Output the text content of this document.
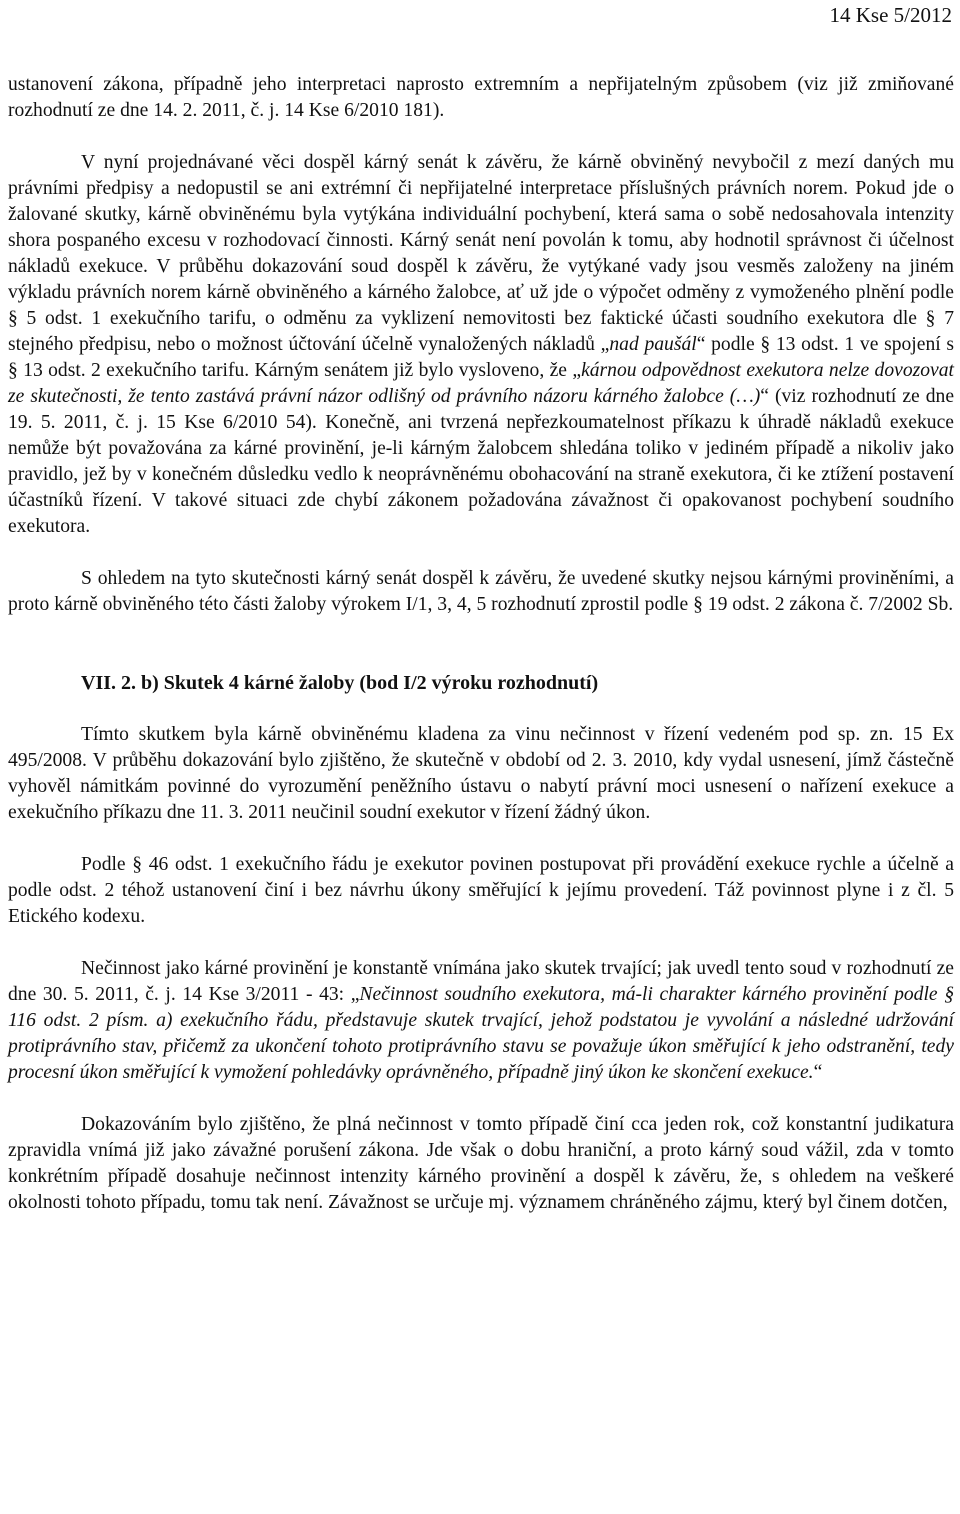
14 Kse 5/2012

ustanovení zákona, případně jeho interpretaci naprosto extremním a nepřijatelným způsobem (viz již zmiňované rozhodnutí ze dne 14. 2. 2011, č. j. 14 Kse 6/2010 181).

V nyní projednávané věci dospěl kárný senát k závěru, že kárně obviněný nevybočil z mezí daných mu právními předpisy a nedopustil se ani extrémní či nepřijatelné interpretace příslušných právních norem. Pokud jde o žalované skutky, kárně obviněnému byla vytýkána individuální pochybení, která sama o sobě nedosahovala intenzity shora pospaného excesu v rozhodovací činnosti. Kárný senát není povolán k tomu, aby hodnotil správnost či účelnost nákladů exekuce. V průběhu dokazování soud dospěl k závěru, že vytýkané vady jsou vesměs založeny na jiném výkladu právních norem kárně obviněného a kárného žalobce, ať už jde o výpočet odměny z vymoženého plnění podle § 5 odst. 1 exekučního tarifu, o odměnu za vyklizení nemovitosti bez faktické účasti soudního exekutora dle § 7 stejného předpisu, nebo o možnost účtování účelně vynaložených nákladů „nad paušál“ podle § 13 odst. 1 ve spojení s § 13 odst. 2 exekučního tarifu. Kárným senátem již bylo vysloveno, že „kárnou odpovědnost exekutora nelze dovozovat ze skutečnosti, že tento zastává právní názor odlišný od právního názoru kárného žalobce (…)“ (viz rozhodnutí ze dne 19. 5. 2011, č. j. 15 Kse 6/2010 54). Konečně, ani tvrzená nepřezkoumatelnost příkazu k úhradě nákladů exekuce nemůže být považována za kárné provinění, je-li kárným žalobcem shledána toliko v jediném případě a nikoliv jako pravidlo, jež by v konečném důsledku vedlo k neoprávněnému obohacování na straně exekutora, či ke ztížení postavení účastníků řízení. V takové situaci zde chybí zákonem požadována závažnost či opakovanost pochybení soudního exekutora.

S ohledem na tyto skutečnosti kárný senát dospěl k závěru, že uvedené skutky nejsou kárnými proviněními, a proto kárně obviněného této části žaloby výrokem I/1, 3, 4, 5 rozhodnutí zprostil podle § 19 odst. 2 zákona č. 7/2002 Sb.

VII. 2. b) Skutek 4 kárné žaloby (bod I/2 výroku rozhodnutí)

Tímto skutkem byla kárně obviněnému kladena za vinu nečinnost v řízení vedeném pod sp. zn. 15 Ex 495/2008. V průběhu dokazování bylo zjištěno, že skutečně v období od 2. 3. 2010, kdy vydal usnesení, jímž částečně vyhověl námitkám povinné do vyrozumění peněžního ústavu o nabytí právní moci usnesení o nařízení exekuce a exekučního příkazu dne 11. 3. 2011 neučinil soudní exekutor v řízení žádný úkon.

Podle § 46 odst. 1 exekučního řádu je exekutor povinen postupovat při provádění exekuce rychle a účelně a podle odst. 2 téhož ustanovení činí i bez návrhu úkony směřující k jejímu provedení. Táž povinnost plyne i z čl. 5 Etického kodexu.

Nečinnost jako kárné provinění je konstantě vnímána jako skutek trvající; jak uvedl tento soud v rozhodnutí ze dne 30. 5. 2011, č. j. 14 Kse 3/2011 - 43: „Nečinnost soudního exekutora, má-li charakter kárného provinění podle § 116 odst. 2 písm. a) exekučního řádu, představuje skutek trvající, jehož podstatou je vyvolání a následné udržování protiprávního stav, přičemž za ukončení tohoto protiprávního stavu se považuje úkon směřující k jeho odstranění, tedy procesní úkon směřující k vymožení pohledávky oprávněného, případně jiný úkon ke skončení exekuce.“

Dokazováním bylo zjištěno, že plná nečinnost v tomto případě činí cca jeden rok, což konstantní judikatura zpravidla vnímá již jako závažné porušení zákona. Jde však o dobu hraniční, a proto kárný soud vážil, zda v tomto konkrétním případě dosahuje nečinnost intenzity kárného provinění a dospěl k závěru, že, s ohledem na veškeré okolnosti tohoto případu, tomu tak není. Závažnost se určuje mj. významem chráněného zájmu, který byl činem dotčen,
